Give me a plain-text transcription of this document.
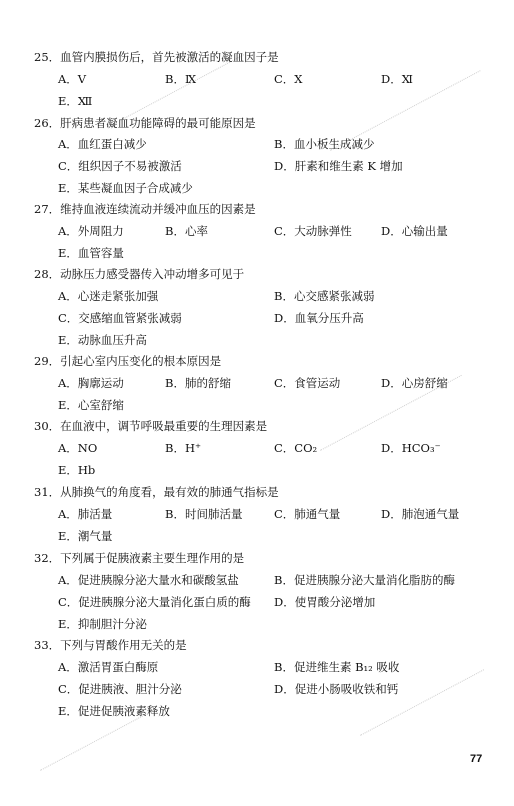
25．血管内膜损伤后，首先被激活的凝血因子是
A．Ⅴ	B．Ⅸ	C．Ⅹ	D．Ⅺ
E．Ⅻ
26．肝病患者凝血功能障碍的最可能原因是
A．血红蛋白减少	B．血小板生成减少
C．组织因子不易被激活	D．肝素和维生素 K 增加
E．某些凝血因子合成减少
27．维持血液连续流动并缓冲血压的因素是
A．外周阻力	B．心率	C．大动脉弹性	D．心输出量
E．血管容量
28．动脉压力感受器传入冲动增多可见于
A．心迷走紧张加强	B．心交感紧张减弱
C．交感缩血管紧张减弱	D．血氧分压升高
E．动脉血压升高
29．引起心室内压变化的根本原因是
A．胸廓运动	B．肺的舒缩	C．食管运动	D．心房舒缩
E．心室舒缩
30．在血液中，调节呼吸最重要的生理因素是
A．NO	B．H⁺	C．CO₂	D．HCO₃⁻
E．Hb
31．从肺换气的角度看，最有效的肺通气指标是
A．肺活量	B．时间肺活量	C．肺通气量	D．肺泡通气量
E．潮气量
32．下列属于促胰液素主要生理作用的是
A．促进胰腺分泌大量水和碳酸氢盐	B．促进胰腺分泌大量消化脂肪的酶
C．促进胰腺分泌大量消化蛋白质的酶 D．使胃酸分泌增加
E．抑制胆汁分泌
33．下列与胃酸作用无关的是
A．激活胃蛋白酶原	B．促进维生素 B₁₂ 吸收
C．促进胰液、胆汁分泌	D．促进小肠吸收铁和钙
E．促进促胰液素释放
77
